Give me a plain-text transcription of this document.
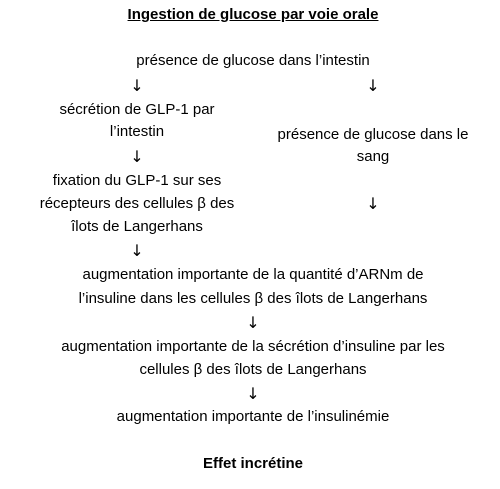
Ingestion de glucose par voie orale
présence de glucose dans l’intestin
↓	↓
sécrétion de GLP-1 par
l’intestin	présence de glucose dans le
sang
↓
fixation du GLP-1 sur ses
récepteurs des cellules β des
îlots de Langerhans
↓
↓
augmentation importante de la quantité d’ARNm de
l’insuline dans les cellules β des îlots de Langerhans
↓
augmentation importante de la sécrétion d’insuline par les
cellules β des îlots de Langerhans
↓
augmentation importante de l’insulinémie
Effet incrétine
